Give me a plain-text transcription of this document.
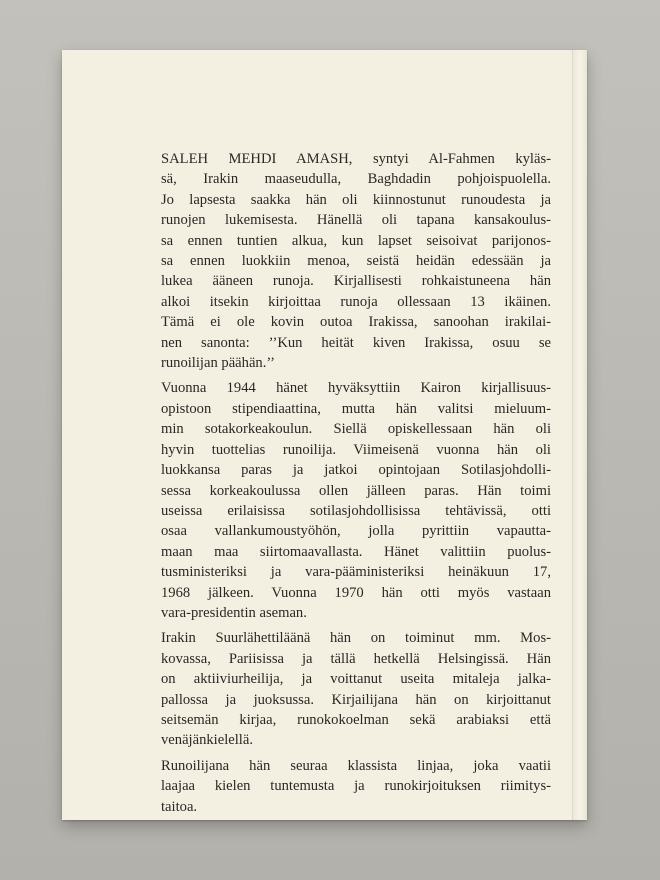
SALEH MEHDI AMASH, syntyi Al-Fahmen kyläs-
sä, Irakin maaseudulla, Baghdadin pohjoispuolella.
Jo lapsesta saakka hän oli kiinnostunut runoudesta ja
runojen lukemisesta. Hänellä oli tapana kansakoulus-
sa ennen tuntien alkua, kun lapset seisoivat parijonos-
sa ennen luokkiin menoa, seistä heidän edessään ja
lukea ääneen runoja. Kirjallisesti rohkaistuneena hän
alkoi itsekin kirjoittaa runoja ollessaan 13 ikäinen.
Tämä ei ole kovin outoa Irakissa, sanoohan irakilai-
nen sanonta: ’’Kun heität kiven Irakissa, osuu se
runoilijan päähän.’’

Vuonna 1944 hänet hyväksyttiin Kairon kirjallisuus-
opistoon stipendiaattina, mutta hän valitsi mieluum-
min sotakorkeakoulun. Siellä opiskellessaan hän oli
hyvin tuottelias runoilija. Viimeisenä vuonna hän oli
luokkansa paras ja jatkoi opintojaan Sotilasjohdolli-
sessa korkeakoulussa ollen jälleen paras. Hän toimi
useissa erilaisissa sotilasjohdollisissa tehtävissä, otti
osaa vallankumoustyöhön, jolla pyrittiin vapautta-
maan maa siirtomaavallasta. Hänet valittiin puolus-
tusministeriksi ja vara-pääministeriksi heinäkuun 17,
1968 jälkeen. Vuonna 1970 hän otti myös vastaan
vara-presidentin aseman.

Irakin Suurlähettiläänä hän on toiminut mm. Mos-
kovassa, Pariisissa ja tällä hetkellä Helsingissä. Hän
on aktiiviurheilija, ja voittanut useita mitaleja jalka-
pallossa ja juoksussa. Kirjailijana hän on kirjoittanut
seitsemän kirjaa, runokokoelman sekä arabiaksi että
venäjänkielellä.

Runoilijana hän seuraa klassista linjaa, joka vaatii
laajaa kielen tuntemusta ja runokirjoituksen riimitys-
taitoa.
